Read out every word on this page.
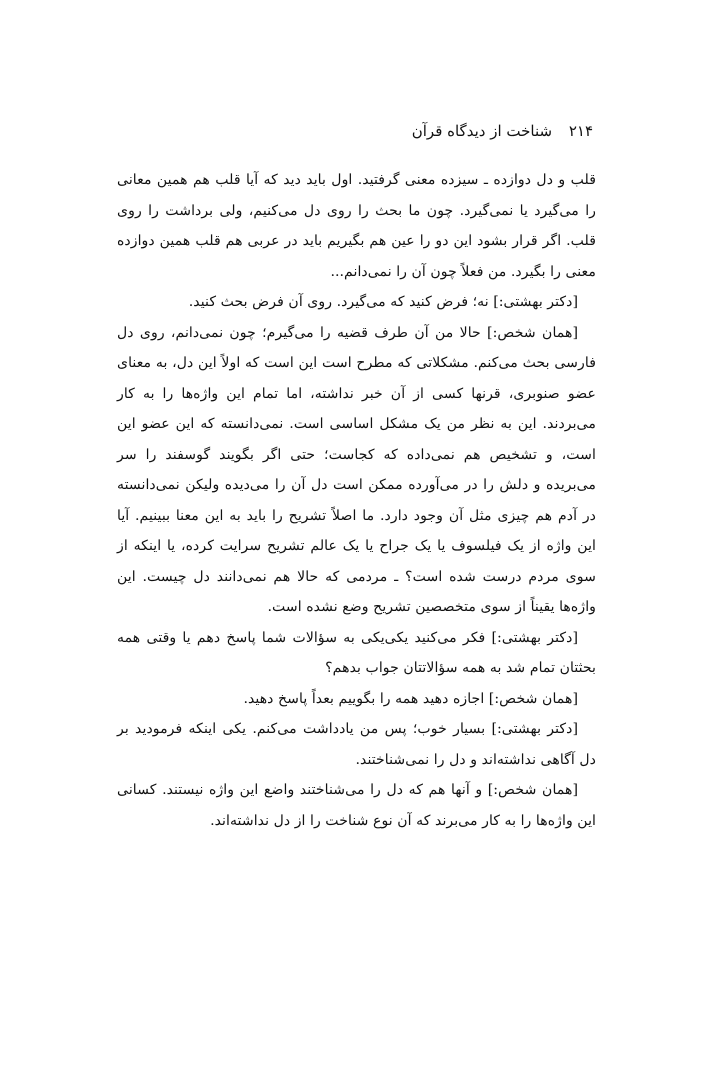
۲۱۴ شناخت از دیدگاه قرآن

قلب و دل دوازده ـ سیزده معنی گرفتید. اول باید دید که آیا قلب هم همین معانی را می‌گیرد یا نمی‌گیرد. چون ما بحث را روی دل می‌کنیم، ولی برداشت را روی قلب. اگر قرار بشود این دو را عین هم بگیریم باید در عربی هم قلب همین دوازده معنی را بگیرد. من فعلاً چون آن را نمی‌دانم...

[دکتر بهشتی:] نه؛ فرض کنید که می‌گیرد. روی آن فرض بحث کنید.

[همان شخص:] حالا من آن طرف قضیه را می‌گیرم؛ چون نمی‌دانم، روی دل فارسی بحث می‌کنم. مشکلاتی که مطرح است این است که اولاً این دل، به معنای عضو صنوبری، قرنها کسی از آن خبر نداشته، اما تمام این واژه‌ها را به کار می‌بردند. این به نظر من یک مشکل اساسی است. نمی‌دانسته که این عضو این است، و تشخیص هم نمی‌داده که کجاست؛ حتی اگر بگویند گوسفند را سر می‌بریده و دلش را در می‌آورده ممکن است دل آن را می‌دیده ولیکن نمی‌دانسته در آدم هم چیزی مثل آن وجود دارد. ما اصلاً تشریح را باید به این معنا ببینیم. آیا این واژه از یک فیلسوف یا یک جراح یا یک عالم تشریح سرایت کرده، یا اینکه از سوی مردم درست شده است؟ ـ مردمی که حالا هم نمی‌دانند دل چیست. این واژه‌ها یقیناً از سوی متخصصین تشریح وضع نشده است.

[دکتر بهشتی:] فکر می‌کنید یکی‌یکی به سؤالات شما پاسخ دهم یا وقتی همه بحثتان تمام شد به همه سؤالاتتان جواب بدهم؟

[همان شخص:] اجازه دهید همه را بگوییم بعداً پاسخ دهید.

[دکتر بهشتی:] بسیار خوب؛ پس من یادداشت می‌کنم. یکی اینکه فرمودید بر دل آگاهی نداشته‌اند و دل را نمی‌شناختند.

[همان شخص:] و آنها هم که دل را می‌شناختند واضع این واژه نیستند. کسانی این واژه‌ها را به کار می‌برند که آن نوع شناخت را از دل نداشته‌اند.
